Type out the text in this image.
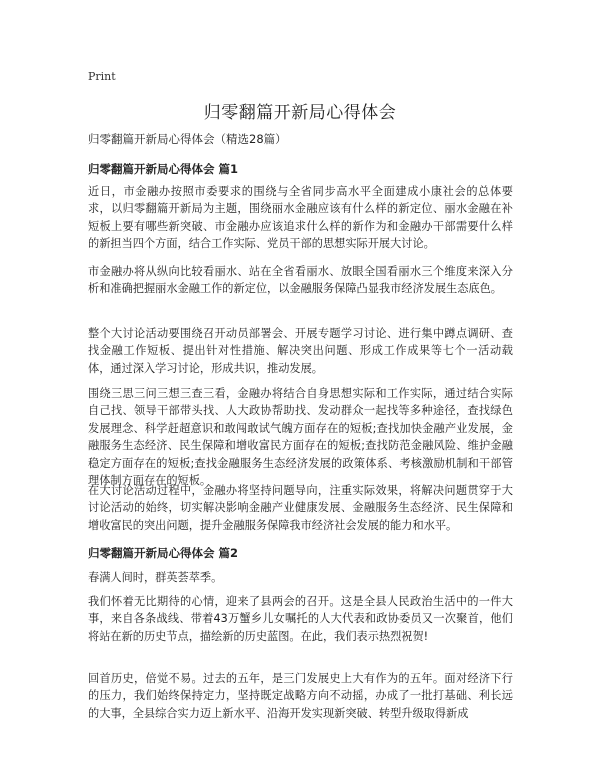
Print
归零翻篇开新局心得体会
归零翻篇开新局心得体会（精选28篇）
归零翻篇开新局心得体会 篇1

近日，市金融办按照市委要求的围绕与全省同步高水平全面建成小康社会的总体要求，以归零翻篇开新局为主题，围绕丽水金融应该有什么样的新定位、丽水金融在补短板上要有哪些新突破、市金融办应该追求什么样的新作为和金融办干部需要什么样的新担当四个方面，结合工作实际、党员干部的思想实际开展大讨论。

市金融办将从纵向比较看丽水、站在全省看丽水、放眼全国看丽水三个维度来深入分析和准确把握丽水金融工作的新定位，以金融服务保障凸显我市经济发展生态底色。

整个大讨论活动要围绕召开动员部署会、开展专题学习讨论、进行集中蹲点调研、查找金融工作短板、提出针对性措施、解决突出问题、形成工作成果等七个一活动载体，通过深入学习讨论，形成共识，推动发展。

围绕三思三问三想三查三看，金融办将结合自身思想实际和工作实际，通过结合实际自己找、领导干部带头找、人大政协帮助找、发动群众一起找等多种途径，查找绿色发展理念、科学赶超意识和敢闯敢试气魄方面存在的短板;查找加快金融产业发展，金融服务生态经济、民生保障和增收富民方面存在的短板;查找防范金融风险、维护金融稳定方面存在的短板;查找金融服务生态经济发展的政策体系、考核激励机制和干部管理体制方面存在的短板。

在大讨论活动过程中，金融办将坚持问题导向，注重实际效果，将解决问题贯穿于大讨论活动的始终，切实解决影响金融产业健康发展、金融服务生态经济、民生保障和增收富民的突出问题，提升金融服务保障我市经济社会发展的能力和水平。

归零翻篇开新局心得体会 篇2

春满人间时，群英荟萃季。

我们怀着无比期待的心情，迎来了县两会的召开。这是全县人民政治生活中的一件大事，来自各条战线、带着43万蟹乡儿女嘱托的人大代表和政协委员又一次聚首，他们将站在新的历史节点，描绘新的历史蓝图。在此，我们表示热烈祝贺!

回首历史，倍觉不易。过去的五年，是三门发展史上大有作为的五年。面对经济下行的压力，我们始终保持定力，坚持既定战略方向不动摇，办成了一批打基础、利长远的大事，全县综合实力迈上新水平、沿海开发实现新突破、转型升级取得新成
